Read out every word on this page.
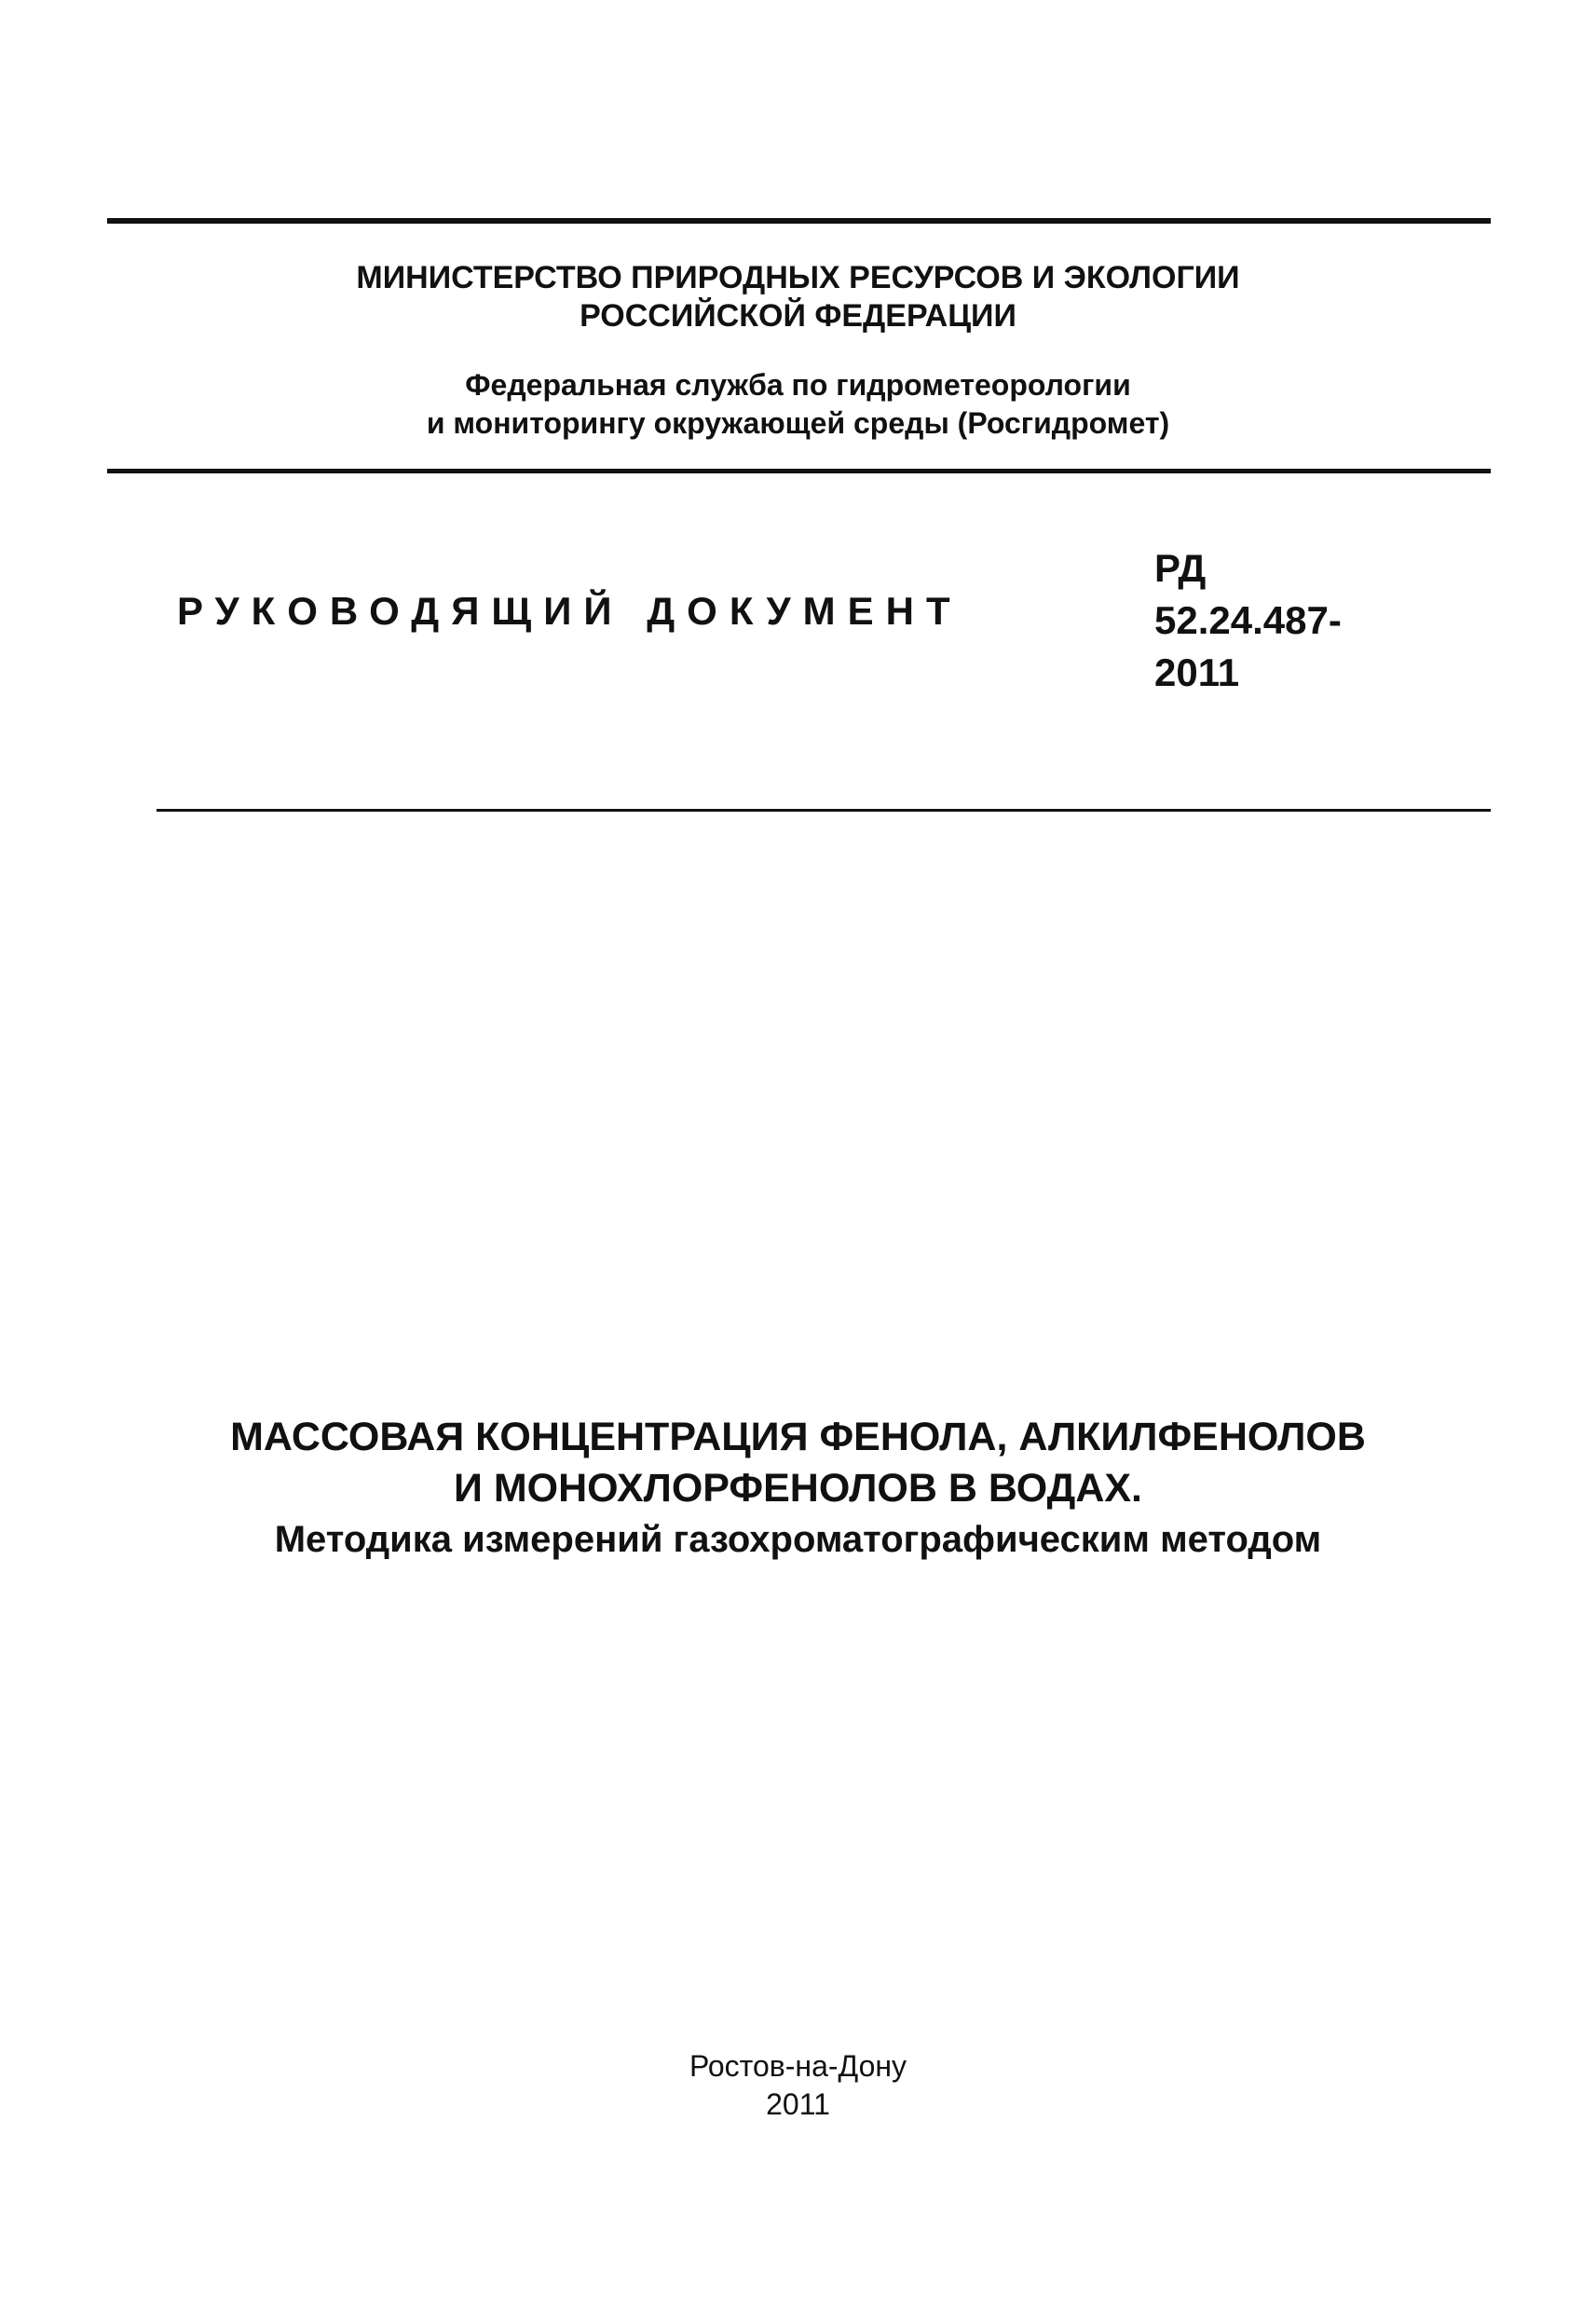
МИНИСТЕРСТВО ПРИРОДНЫХ РЕСУРСОВ И ЭКОЛОГИИ
РОССИЙСКОЙ ФЕДЕРАЦИИ
Федеральная служба по гидрометеорологии
и мониторингу окружающей среды (Росгидромет)
РУКОВОДЯЩИЙ ДОКУМЕНТ
РД
52.24.487-
2011
МАССОВАЯ КОНЦЕНТРАЦИЯ ФЕНОЛА, АЛКИЛФЕНОЛОВ
И МОНОХЛОРФЕНОЛОВ В ВОДАХ.
Методика измерений газохроматографическим методом
Ростов-на-Дону
2011
